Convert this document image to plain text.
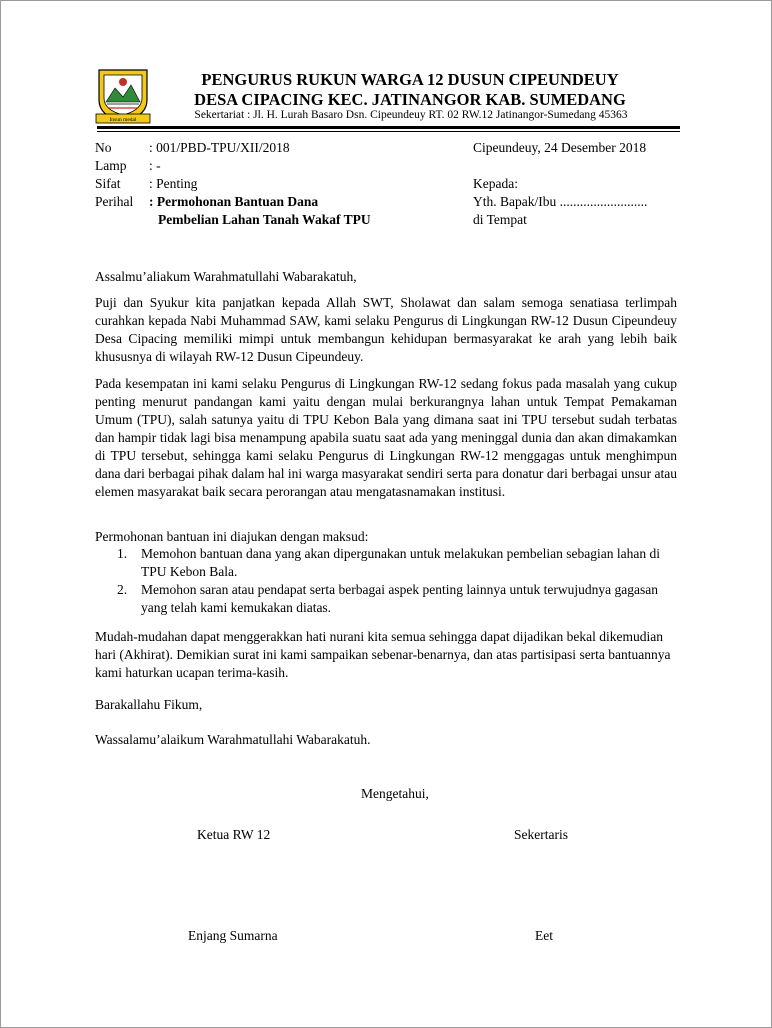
Insun medal
PENGURUS RUKUN WARGA 12 DUSUN CIPEUNDEUY
DESA CIPACING KEC. JATINANGOR KAB. SUMEDANG
Sekertariat : Jl. H. Lurah Basaro Dsn. Cipeundeuy RT. 02 RW.12 Jatinangor-Sumedang 45363
No	: 001/PBD-TPU/XII/2018
Lamp : -
Sifat : Penting
Perihal : Permohonan Bantuan Dana
Pembelian Lahan Tanah Wakaf TPU
Cipeundeuy, 24 Desember 2018
Kepada:
Yth. Bapak/Ibu ..........................
di Tempat
Assalmu’aliakum Warahmatullahi Wabarakatuh,
Puji dan Syukur kita panjatkan kepada Allah SWT, Sholawat dan salam semoga senatiasa terlimpah curahkan kepada Nabi Muhammad SAW, kami selaku Pengurus di Lingkungan RW-12 Dusun Cipeundeuy Desa Cipacing memiliki mimpi untuk membangun kehidupan bermasyarakat ke arah yang lebih baik khususnya di wilayah RW-12 Dusun Cipeundeuy.
Pada kesempatan ini kami selaku Pengurus di Lingkungan RW-12 sedang fokus pada masalah yang cukup penting menurut pandangan kami yaitu dengan mulai berkurangnya lahan untuk Tempat Pemakaman Umum (TPU), salah satunya yaitu di TPU Kebon Bala yang dimana saat ini TPU tersebut sudah terbatas dan hampir tidak lagi bisa menampung apabila suatu saat ada yang meninggal dunia dan akan dimakamkan di TPU tersebut, sehingga kami selaku Pengurus di Lingkungan RW-12 menggagas untuk menghimpun dana dari berbagai pihak dalam hal ini warga masyarakat sendiri serta para donatur dari berbagai unsur atau elemen masyarakat baik secara perorangan atau mengatasnamakan institusi.
Permohonan bantuan ini diajukan dengan maksud:
1. Memohon bantuan dana yang akan dipergunakan untuk melakukan pembelian sebagian lahan di TPU Kebon Bala.
2. Memohon saran atau pendapat serta berbagai aspek penting lainnya untuk terwujudnya gagasan yang telah kami kemukakan diatas.
Mudah-mudahan dapat menggerakkan hati nurani kita semua sehingga dapat dijadikan bekal dikemudian hari (Akhirat). Demikian surat ini kami sampaikan sebenar-benarnya, dan atas partisipasi serta bantuannya kami haturkan ucapan terima-kasih.
Barakallahu Fikum,
Wassalamu’alaikum Warahmatullahi Wabarakatuh.
Mengetahui,
Ketua RW 12	Sekertaris
Enjang Sumarna	Eet
